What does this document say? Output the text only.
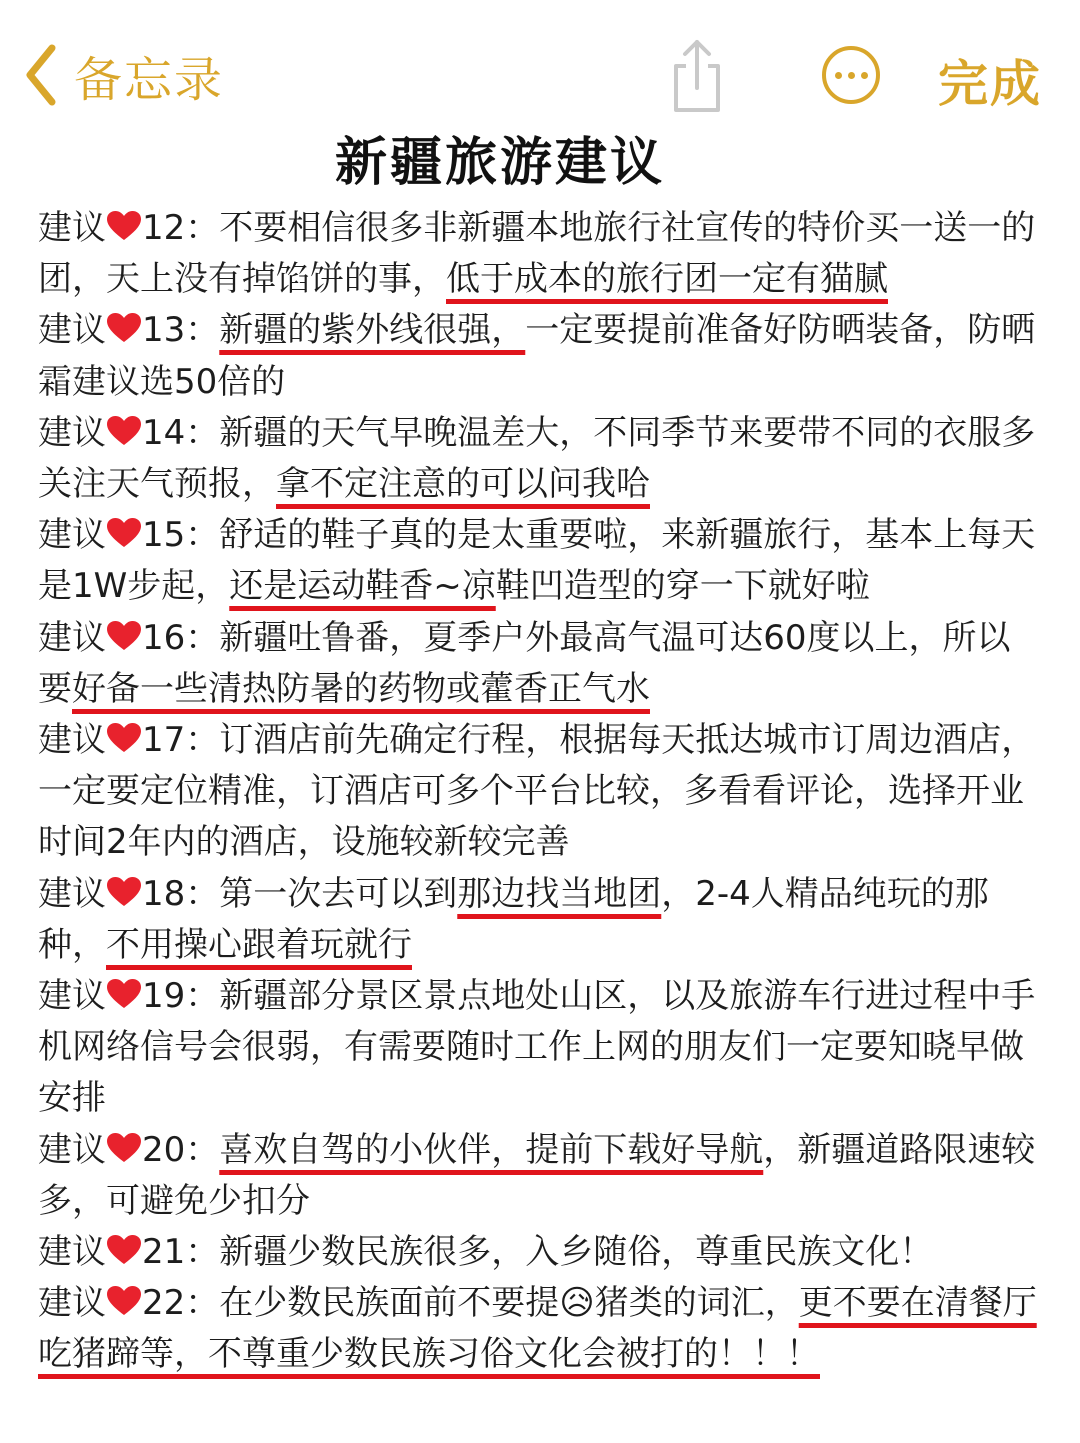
备忘录	完成
新疆旅游建议

建议 12：不要相信很多非新疆本地旅行社宣传的特价买一送一的团，天上没有掉馅饼的事，低于成本的旅行团一定有猫腻

建议 13：新疆的紫外线很强，一定要提前准备好防晒装备，防晒霜建议选50倍的

建议 14：新疆的天气早晚温差大，不同季节来要带不同的衣服多关注天气预报，拿不定注意的可以问我哈

建议 15：舒适的鞋子真的是太重要啦，来新疆旅行，基本上每天是1W步起，还是运动鞋香~凉鞋凹造型的穿一下就好啦

建议 16：新疆吐鲁番，夏季户外最高气温可达60度以上，所以要好备一些清热防暑的药物或藿香正气水

建议 17：订酒店前先确定行程，根据每天抵达城市订周边酒店，一定要定位精准，订酒店可多个平台比较，多看看评论，选择开业时间2年内的酒店，设施较新较完善

建议 18：第一次去可以到那边找当地团，2-4人精品纯玩的那种，不用操心跟着玩就行

建议 19：新疆部分景区景点地处山区，以及旅游车行进过程中手机网络信号会很弱，有需要随时工作上网的朋友们一定要知晓早做安排

建议 20：喜欢自驾的小伙伴，提前下载好导航，新疆道路限速较多，可避免少扣分

建议 21：新疆少数民族很多，入乡随俗，尊重民族文化！

建议 22：在少数民族面前不要提😥猪类的词汇，更不要在清餐厅吃猪蹄等，不尊重少数民族习俗文化会被打的！！！
